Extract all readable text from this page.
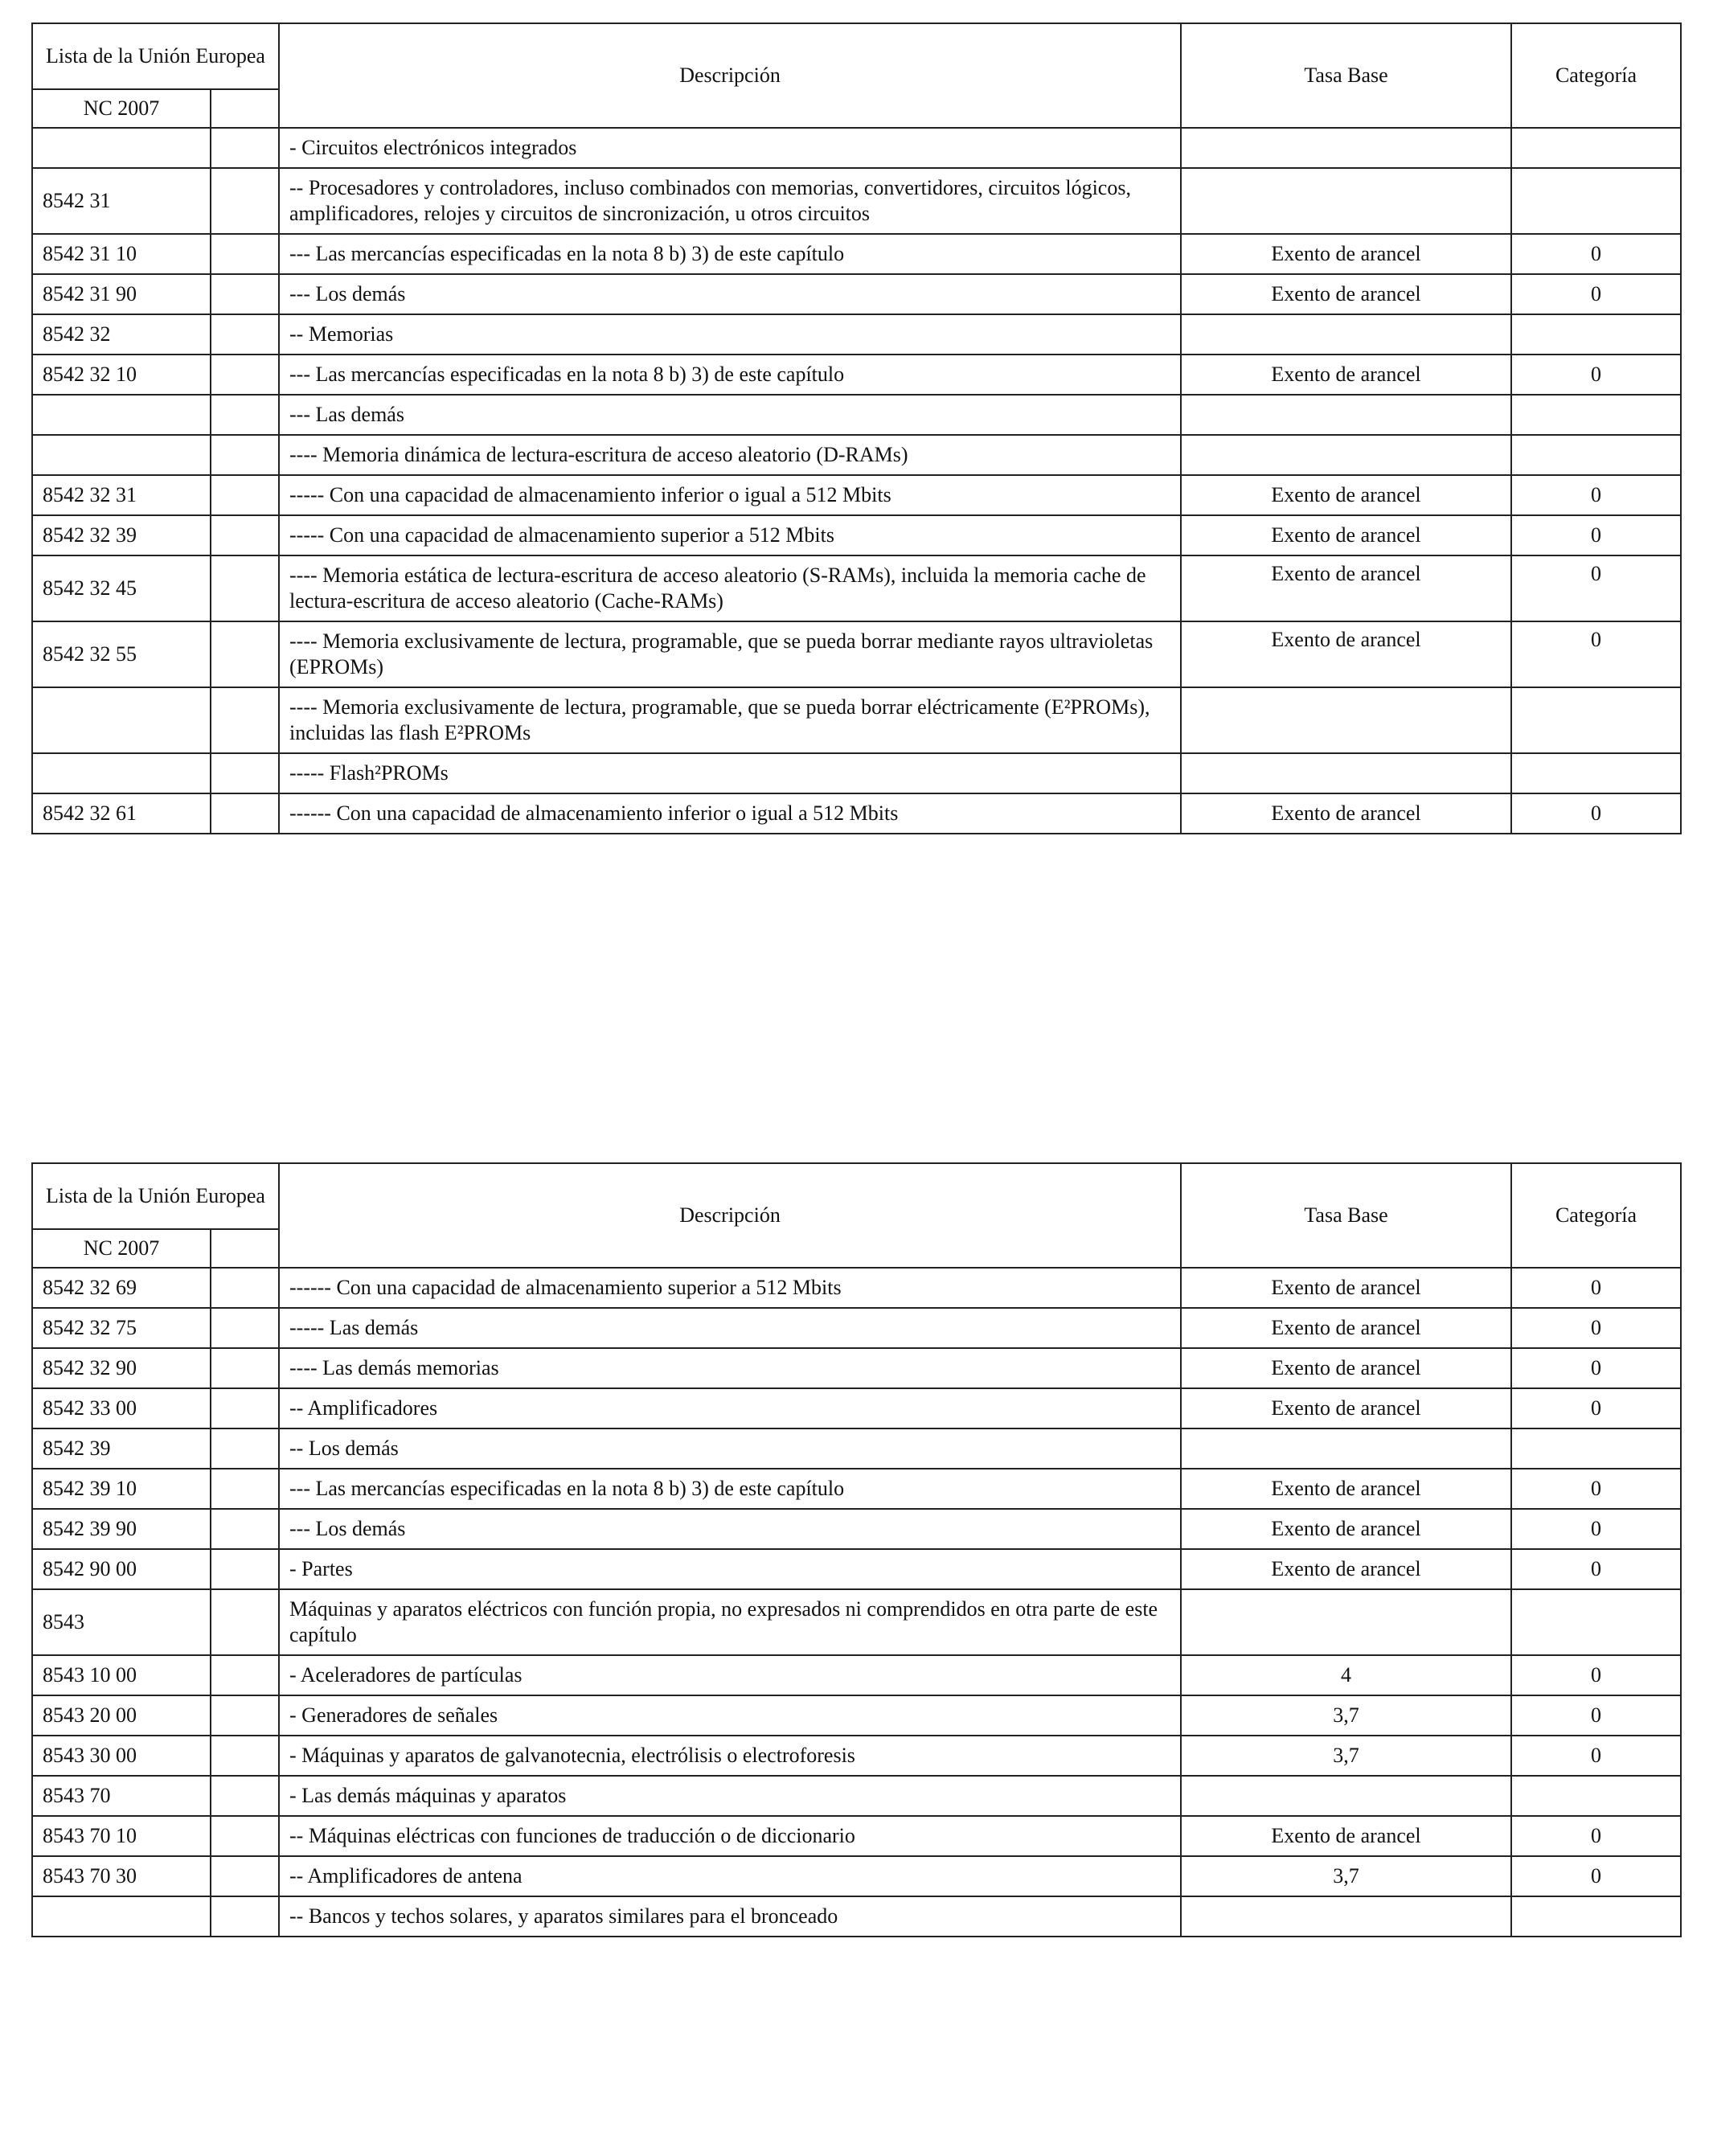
Lista de la Unión Europea		Descripción	Tasa Base	Categoría
NC 2007				
		- Circuitos electrónicos integrados		
8542 31		-- Procesadores y controladores, incluso combinados con memorias, convertidores, circuitos lógicos, amplificadores, relojes y circuitos de sincronización, u otros circuitos		
8542 31 10		--- Las mercancías especificadas en la nota 8 b) 3) de este capítulo	Exento de arancel	0
8542 31 90		--- Los demás	Exento de arancel	0
8542 32		-- Memorias		
8542 32 10		--- Las mercancías especificadas en la nota 8 b) 3) de este capítulo	Exento de arancel	0
		--- Las demás		
		---- Memoria dinámica de lectura-escritura de acceso aleatorio (D-RAMs)		
8542 32 31		----- Con una capacidad de almacenamiento inferior o igual a 512 Mbits	Exento de arancel	0
8542 32 39		----- Con una capacidad de almacenamiento superior a 512 Mbits	Exento de arancel	0
8542 32 45		---- Memoria estática de lectura-escritura de acceso aleatorio (S-RAMs), incluida la memoria cache de lectura-escritura de acceso aleatorio (Cache-RAMs)	Exento de arancel	0
8542 32 55		---- Memoria exclusivamente de lectura, programable, que se pueda borrar mediante rayos ultravioletas (EPROMs)	Exento de arancel	0
		---- Memoria exclusivamente de lectura, programable, que se pueda borrar eléctricamente (E²PROMs), incluidas las flash E²PROMs		
		----- Flash²PROMs		
8542 32 61		------ Con una capacidad de almacenamiento inferior o igual a 512 Mbits	Exento de arancel	0
Lista de la Unión Europea		Descripción	Tasa Base	Categoría
NC 2007				
8542 32 69		------ Con una capacidad de almacenamiento superior a 512 Mbits	Exento de arancel	0
8542 32 75		----- Las demás	Exento de arancel	0
8542 32 90		---- Las demás memorias	Exento de arancel	0
8542 33 00		-- Amplificadores	Exento de arancel	0
8542 39		-- Los demás		
8542 39 10		--- Las mercancías especificadas en la nota 8 b) 3) de este capítulo	Exento de arancel	0
8542 39 90		--- Los demás	Exento de arancel	0
8542 90 00		- Partes	Exento de arancel	0
8543		Máquinas y aparatos eléctricos con función propia, no expresados ni comprendidos en otra parte de este capítulo		
8543 10 00		- Aceleradores de partículas	4	0
8543 20 00		- Generadores de señales	3,7	0
8543 30 00		- Máquinas y aparatos de galvanotecnia, electrólisis o electroforesis	3,7	0
8543 70		- Las demás máquinas y aparatos		
8543 70 10		-- Máquinas eléctricas con funciones de traducción o de diccionario	Exento de arancel	0
8543 70 30		-- Amplificadores de antena	3,7	0
		-- Bancos y techos solares, y aparatos similares para el bronceado		
